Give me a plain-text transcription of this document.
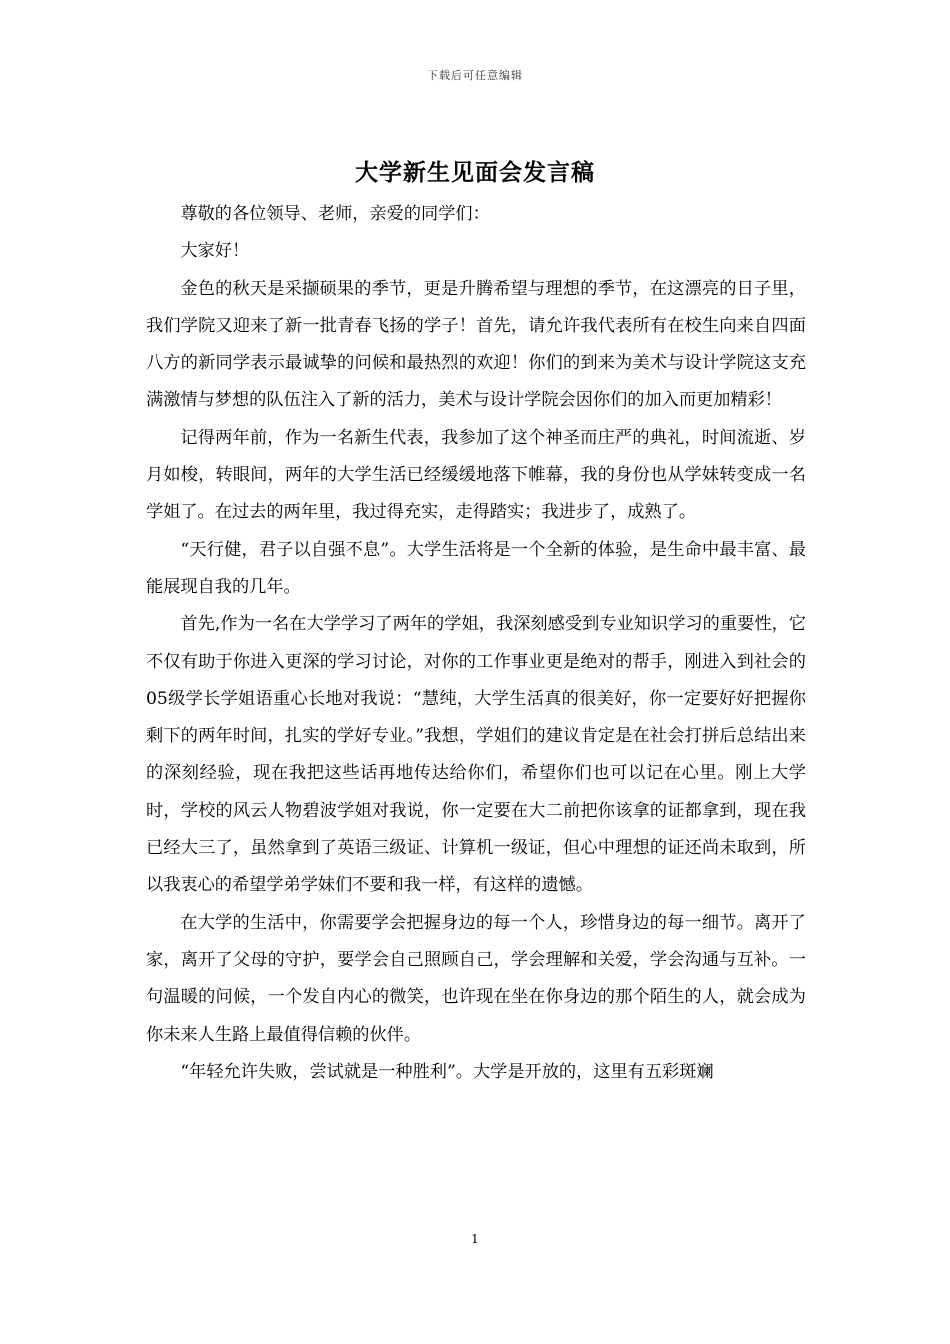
下载后可任意编辑
大学新生见面会发言稿

尊敬的各位领导、老师，亲爱的同学们：

大家好！

金色的秋天是采撷硕果的季节，更是升腾希望与理想的季节，在这漂亮的日子里，我们学院又迎来了新一批青春飞扬的学子！首先，请允许我代表所有在校生向来自四面八方的新同学表示最诚挚的问候和最热烈的欢迎！你们的到来为美术与设计学院这支充满激情与梦想的队伍注入了新的活力，美术与设计学院会因你们的加入而更加精彩！

记得两年前，作为一名新生代表，我参加了这个神圣而庄严的典礼，时间流逝、岁月如梭，转眼间，两年的大学生活已经缓缓地落下帷幕，我的身份也从学妹转变成一名学姐了。在过去的两年里，我过得充实，走得踏实；我进步了，成熟了。

“天行健，君子以自强不息”。大学生活将是一个全新的体验，是生命中最丰富、最能展现自我的几年。

首先,作为一名在大学学习了两年的学姐，我深刻感受到专业知识学习的重要性，它不仅有助于你进入更深的学习讨论，对你的工作事业更是绝对的帮手，刚进入到社会的05级学长学姐语重心长地对我说：“慧纯，大学生活真的很美好，你一定要好好把握你剩下的两年时间，扎实的学好专业。”我想，学姐们的建议肯定是在社会打拼后总结出来的深刻经验，现在我把这些话再地传达给你们，希望你们也可以记在心里。刚上大学时，学校的风云人物碧波学姐对我说，你一定要在大二前把你该拿的证都拿到，现在我已经大三了，虽然拿到了英语三级证、计算机一级证，但心中理想的证还尚未取到，所以我衷心的希望学弟学妹们不要和我一样，有这样的遗憾。

在大学的生活中，你需要学会把握身边的每一个人，珍惜身边的每一细节。离开了家，离开了父母的守护，要学会自己照顾自己，学会理解和关爱，学会沟通与互补。一句温暖的问候，一个发自内心的微笑，也许现在坐在你身边的那个陌生的人，就会成为你未来人生路上最值得信赖的伙伴。

“年轻允许失败，尝试就是一种胜利”。大学是开放的，这里有五彩斑斓

1
